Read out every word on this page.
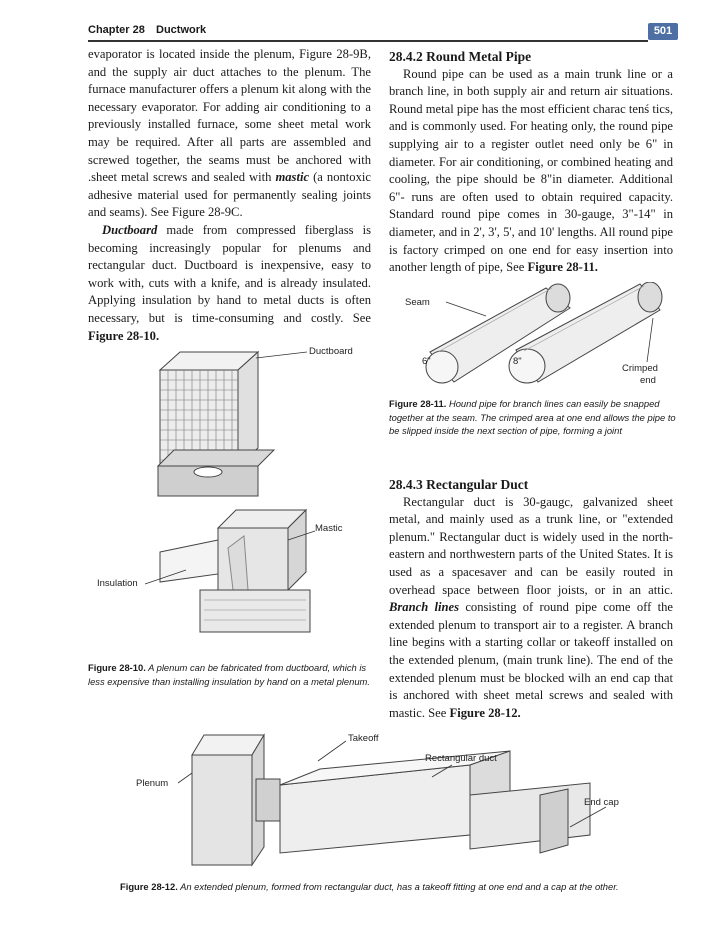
Chapter 28 Ductwork	501

evaporator is located inside the plenum, Figure 28-9B, and the supply air duct attaches to the plenum. The furnace manufacturer offers a plenum kit along with the necessary evaporator. For adding air conditioning to a previously installed furnace, some sheet metal work may be required. After all parts are assembled and screwed together, the seams must be anchored with .sheet metal screws and sealed with mastic (a nontoxic adhesive material used for permanently sealing joints and seams). See Figure 28-9C.

Ductboard made from compressed fiberglass is becoming increasingly popular for plenums and rectangular duct. Ductboard is inexpensive, easy to work with, cuts with a knife, and is already insulated. Applying insulation by hand to metal ducts is often necessary, but is time-consuming and costly. See Figure 28-10.

28.4.2 Round Metal Pipe

Round pipe can be used as a main trunk line or a branch line, in both supply air and return air situations. Round metal pipe has the most efficient charac tenś tics, and is commonly used. For heating only, the round pipe supplying air to a register outlet need only be 6" in diameter. For air conditioning, or combined heating and cooling, the pipe should be 8"in diameter. Additional 6"- runs are often used to obtain required capacity. Standard round pipe comes in 30-gauge, 3"-14" in diameter, and in 2', 3', 5', and 10' lengths. All round pipe is factory crimped on one end for easy insertion into another length of pipe, See Figure 28-11.

28.4.3 Rectangular Duct

Rectangular duct is 30-gaugc, galvanized sheet metal, and mainly used as a trunk line, or "extended plenum." Rectangular duct is widely used in the north-eastern and northwestern parts of the United States. It is used as a spacesaver and can be easily routed in overhead space between floor joists, or in an attic. Branch lines consisting of round pipe come off the extended plenum to transport air to a register. A branch line begins with a starting collar or takeoff installed on the extended plenum, (main trunk line). The end of the extended plenum must be blocked wilh an end cap that is anchored with sheet metal screws and sealed with mastic. See Figure 28-12.

Ductboard
Mastic
Insulation
Figure 28-10. A plenum can be fabricated from ductboard, which is less expensive than installing insulation by hand on a metal plenum.
Seam
6"	8"
Crimped
end
Figure 28-11. Hound pipe for branch lines can easily be snapped together at the seam. The crimped area at one end allows the pipe to be slipped inside the next section of pipe, forming a joint
Takeoff
Rectangular duct
Plenum
End cap
Figure 28-12. An extended plenum, formed from rectangular duct, has a takeoff fitting at one end and a cap at the other.
